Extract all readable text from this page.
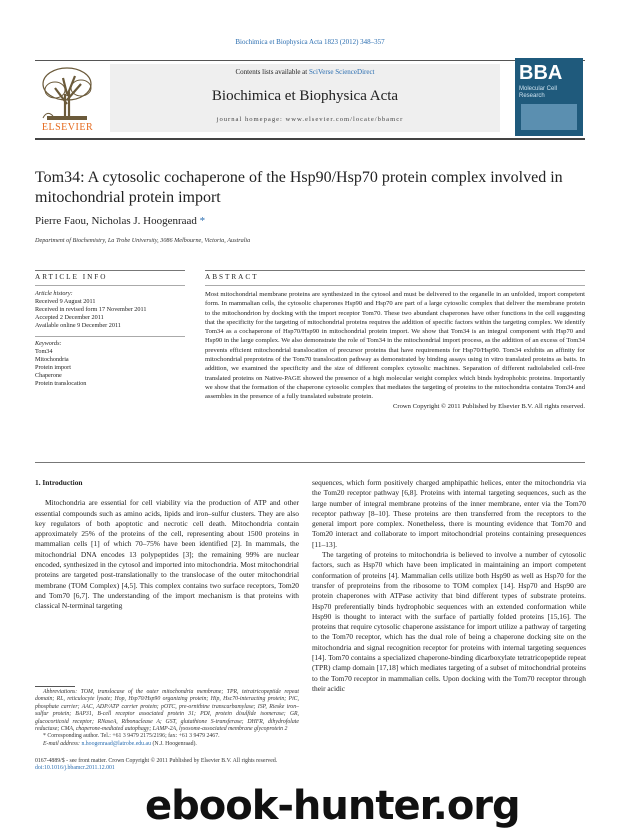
Biochimica et Biophysica Acta 1823 (2012) 348–357
ELSEVIER
Contents lists available at SciVerse ScienceDirect
Biochimica et Biophysica Acta
journal homepage: www.elsevier.com/locate/bbamcr
BBA
Molecular Cell Research
Tom34: A cytosolic cochaperone of the Hsp90/Hsp70 protein complex involved in mitochondrial protein import
Pierre Faou, Nicholas J. Hoogenraad *
Department of Biochemistry, La Trobe University, 3086 Melbourne, Victoria, Australia
ARTICLE INFO	ABSTRACT
Article history:
Received 9 August 2011
Received in revised form 17 November 2011
Accepted 2 December 2011
Available online 9 December 2011
Keywords:
Tom34
Mitochondria
Protein import
Chaperone
Protein translocation
Most mitochondrial membrane proteins are synthesized in the cytosol and must be delivered to the organelle in an unfolded, import competent form. In mammalian cells, the cytosolic chaperones Hsp90 and Hsp70 are part of a large cytosolic complex that deliver the membrane protein to the mitochondrion by docking with the import receptor Tom70. These two abundant chaperones have other functions in the cell suggesting that the specificity for the targeting of mitochondrial proteins requires the addition of specific factors within the targeting complex. We identify Tom34 as a cochaperone of Hsp70/Hsp90 in mitochondrial protein import. We show that Tom34 is an integral component with Hsp70 and Hsp90 in the large complex. We also demonstrate the role of Tom34 in the mitochondrial import process, as the addition of an excess of Tom34 prevents efficient mitochondrial translocation of precursor proteins that have requirements for Hsp70/Hsp90. Tom34 exhibits an affinity for mitochondrial preproteins of the Tom70 translocation pathway as demonstrated by binding assays using in vitro translated proteins as baits. In addition, we examined the specificity and the size of different complex cytosolic machines. Separation of different radiolabeled cell-free translated proteins on Native-PAGE showed the presence of a high molecular weight complex which binds hydrophobic proteins. Importantly we show that the formation of the chaperone cytosolic complex that mediates the targeting of proteins to the mitochondria contains Tom34 and assembles in the presence of a fully translated substrate protein.
Crown Copyright © 2011 Published by Elsevier B.V. All rights reserved.
1. Introduction

Mitochondria are essential for cell viability via the production of ATP and other essential compounds such as amino acids, lipids and iron–sulfur clusters. They are also key regulators of both apoptotic and necrotic cell death. Mitochondria contain approximately 25% of the proteins of the cell, representing about 1500 proteins in mammalian cells [1] of which 70–75% have been identified [2]. In mammals, the mitochondrial DNA encodes 13 polypeptides [3]; the remaining 99% are nuclear encoded, synthesized in the cytosol and imported into mitochondria. Most mitochondrial proteins are targeted post-translationally to the translocase of the outer mitochondrial membrane (TOM Complex) [4,5]. This complex contains two surface receptors, Tom20 and Tom70 [6,7]. The understanding of the import mechanism is that proteins with classical N-terminal targeting

sequences, which form positively charged amphipathic helices, enter the mitochondria via the Tom20 receptor pathway [6,8]. Proteins with internal targeting sequences, such as the large number of integral membrane proteins of the inner membrane, enter via the Tom70 receptor pathway [8–10]. These proteins are then transferred from the receptors to the general import pore complex. Nonetheless, there is mounting evidence that Tom70 and Tom20 interact and collaborate to import mitochondrial proteins containing presequences [11–13].

The targeting of proteins to mitochondria is believed to involve a number of cytosolic factors, such as Hsp70 which have been implicated in maintaining an import competent conformation of proteins [4]. Mammalian cells utilize both Hsp90 as well as Hsp70 for the transfer of preproteins from the ribosome to TOM complex [14]. Hsp70 and Hsp90 are protein chaperones with ATPase activity that bind different types of substrate proteins. Hsp70 preferentially binds hydrophobic sequences with an extended conformation while Hsp90 is thought to interact with the surface of partially folded proteins [15,16]. The proteins that require cytosolic chaperone assistance for import utilize a pathway of targeting to the Tom70 receptor, which has the dual role of being a chaperone docking site on the mitochondria and signal recognition receptor for proteins with internal targeting sequences [14]. Tom70 contains a specialized chaperone-binding dicarboxylate tetratricopeptide repeat (TPR) clamp domain [17,18] which mediates targeting of a subset of mitochondrial proteins to the Tom70 receptor in mammalian cells. Upon docking with the Tom70 receptor through their acidic

Abbreviations: TOM, translocase of the outer mitochondria membrane; TPR, tetratricopeptide repeat domain; RL, reticulocyte lysate; Hop, Hsp70/Hsp90 organizing protein; Hip, Hsc70-interacting protein; PiC, phosphate carrier; AAC, ADP/ATP carrier protein; pOTC, pre-ornithine transcarbamylase; ISP, Rieske iron–sulfur protein; BAP31, B-cell receptor associated protein 31; PDI, protein disulfide isomerase; GR, glucocorticoid receptor; RNaseA, Ribonuclease A; GST, glutathione S-transferase; DHFR, dihydrofolate reductase; CMA, chaperone-mediated autophagy; LAMP-2A, lysosome-associated membrane glycoprotein 2
* Corresponding author. Tel.: +61 3 9479 2175/2196; fax: +61 3 9479 2467.
E-mail address: n.hoogenraad@latrobe.edu.au (N.J. Hoogenraad).
0167-4889/$ - see front matter. Crown Copyright © 2011 Published by Elsevier B.V. All rights reserved.
doi:10.1016/j.bbamcr.2011.12.001
ebook-hunter.org
